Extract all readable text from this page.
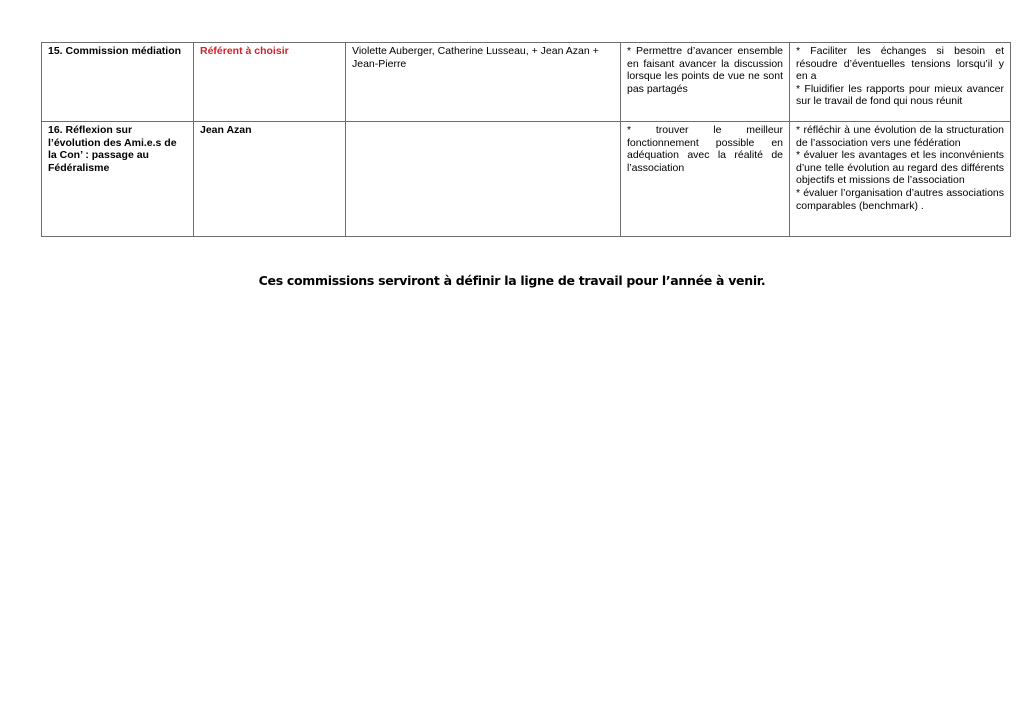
15. Commission médiation	Référent à choisir	Violette Auberger, Catherine Lusseau, + Jean Azan + Jean-Pierre	* Permettre d’avancer ensemble en faisant avancer la discussion lorsque les points de vue ne sont pas partagés	* Faciliter les échanges si besoin et résoudre d’éventuelles tensions lorsqu’il y en a
* Fluidifier les rapports pour mieux avancer sur le travail de fond qui nous réunit

16. Réflexion sur l’évolution des Ami.e.s de la Con’ : passage au Fédéralisme	Jean Azan		* trouver le meilleur fonctionnement possible en adéquation avec la réalité de l’association	* réfléchir à une évolution de la structuration de l’association vers une fédération
* évaluer les avantages et les inconvénients d’une telle évolution au regard des différents objectifs et missions de l’association
* évaluer l’organisation d’autres associations comparables (benchmark) .
Ces commissions serviront à définir la ligne de travail pour l’année à venir.
